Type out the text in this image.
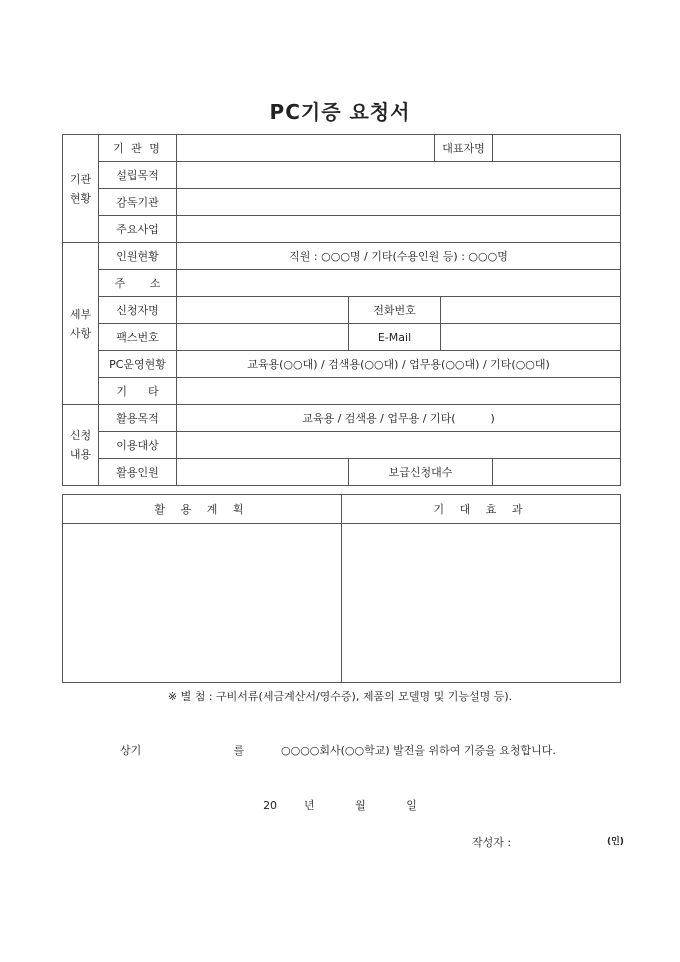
PC기증 요청서
기관
현황	기 관 명			대표자명		
	설립목적					
	감독기관					
	주요사업					
세부
사항	인원현황	직원 : ○○○명 / 기타(수용인원 등) : ○○○명				
	주       소					
	신청자명		전화번호			
	팩스번호		E-Mail			
	PC운영현황	교육용(○○대) / 검색용(○○대) / 업무용(○○대) / 기타(○○대)				
	기      타					
신청
내용	활용목적	교육용 / 검색용 / 업무용 / 기타(          )				
	이용대상					
	활용인원		보급신청대수			
활 용 계 획	기 대 효 과

※ 별 첨 : 구비서류(세금계산서/영수증), 제품의 모델명 및 기능설명 등).
상기	를	○○○○회사(○○학교) 발전을 위하여 기증을 요청합니다.
20  년   월   일
작성자 :	(인)
